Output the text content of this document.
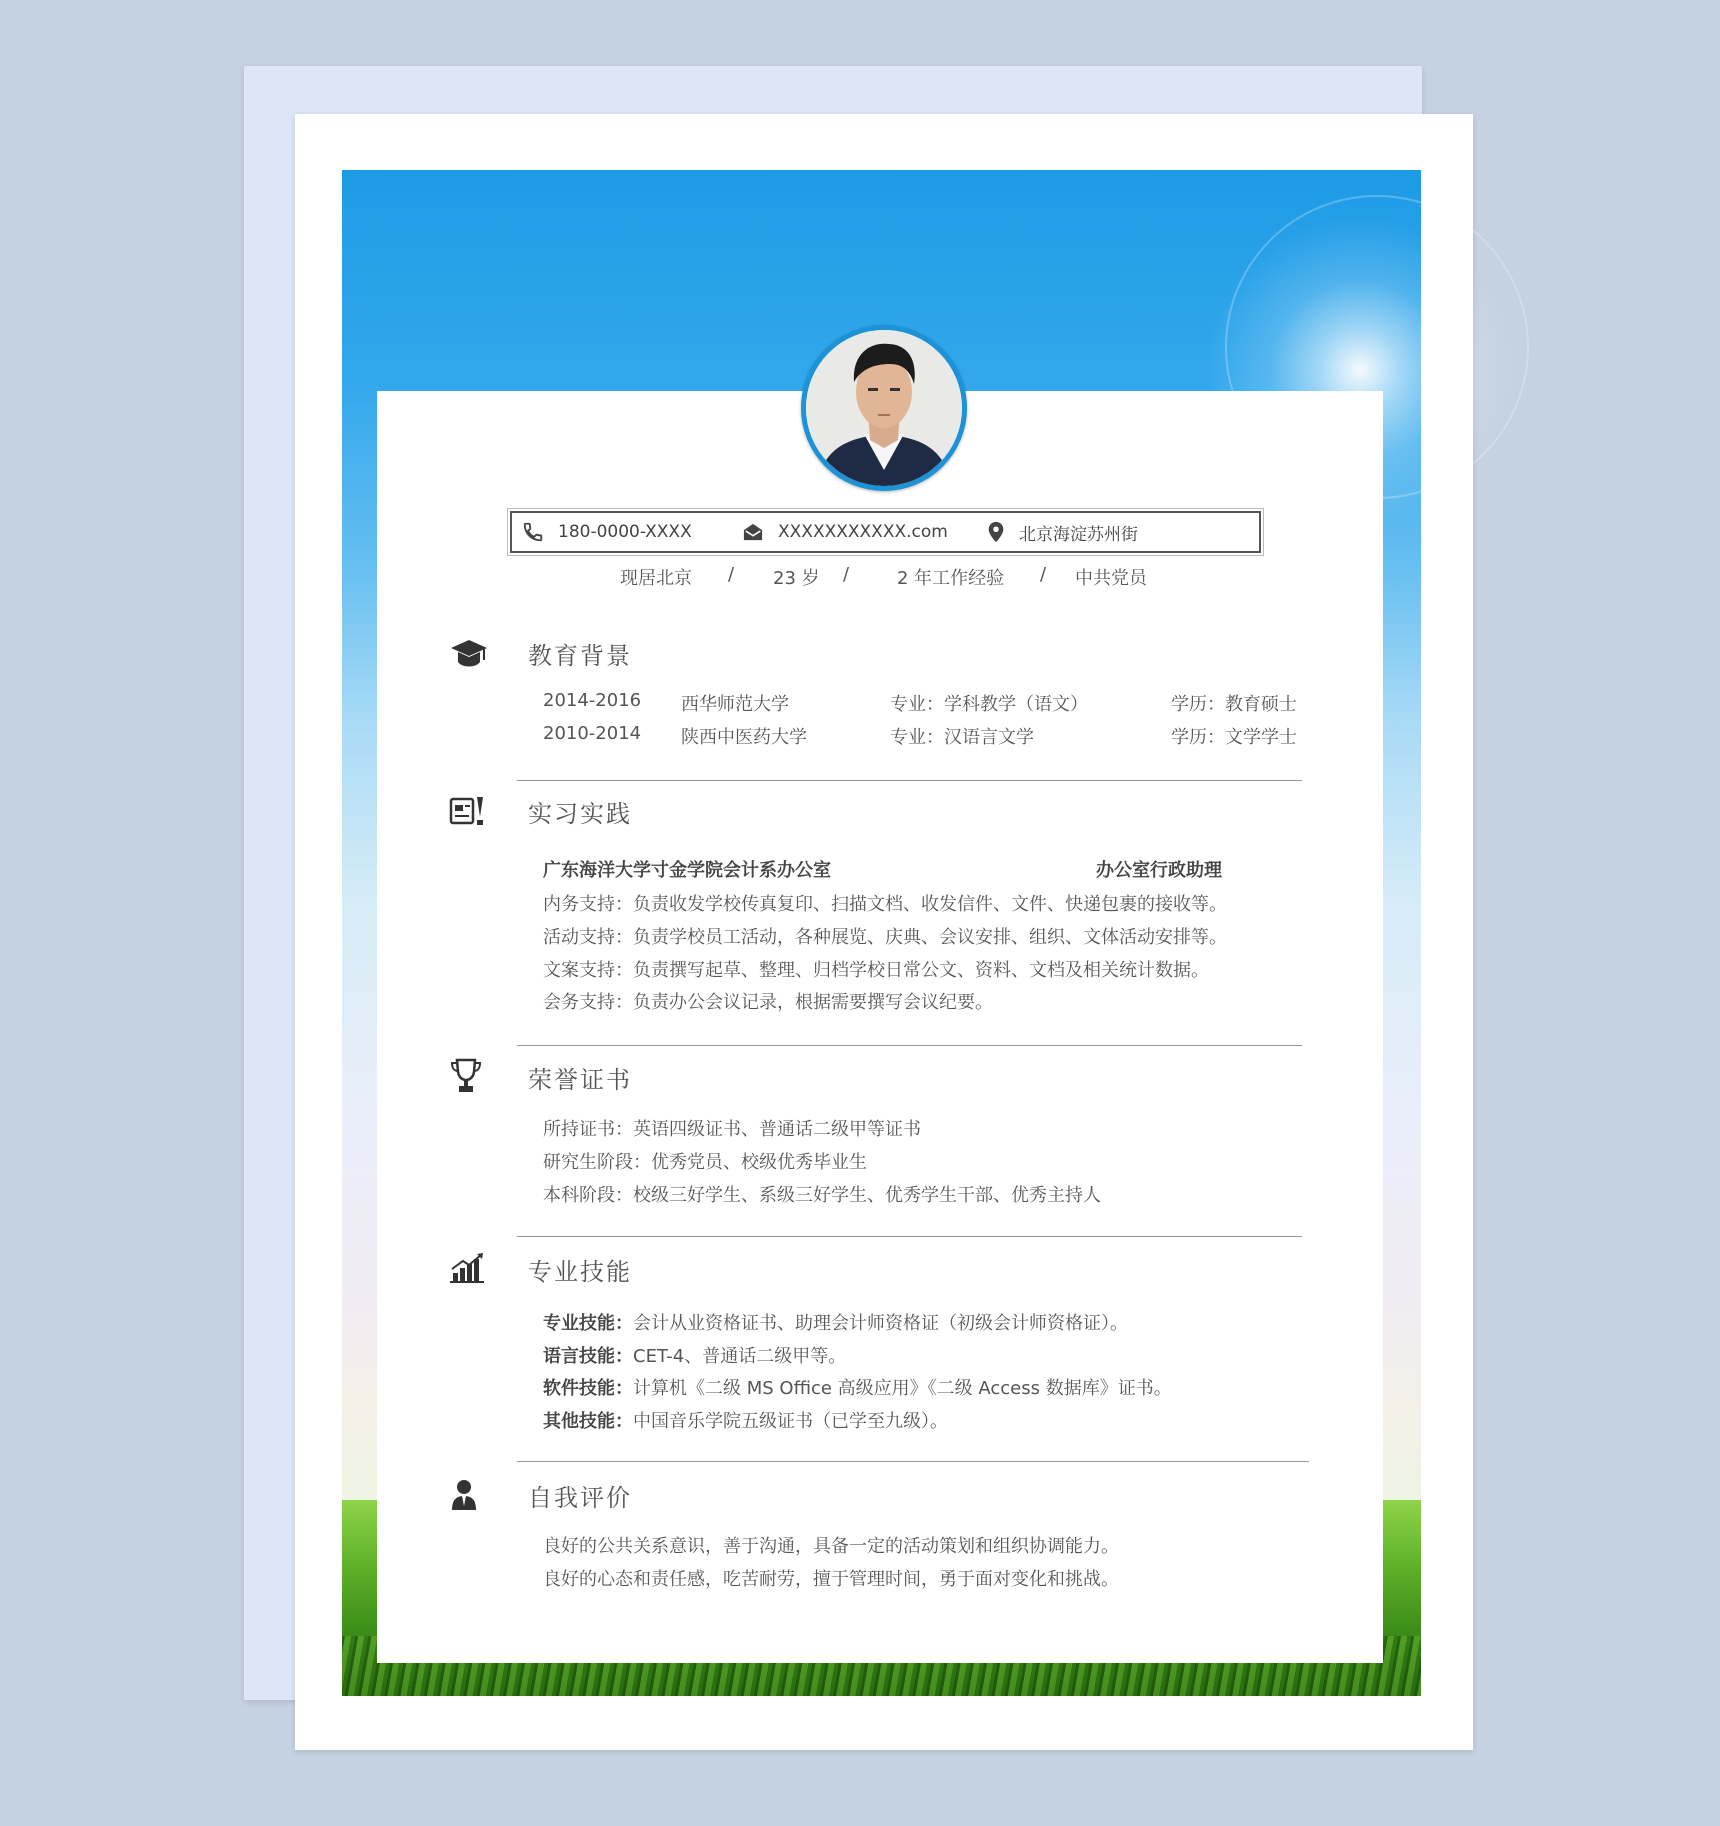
180-0000-XXXX	XXXXXXXXXXX.com	北京海淀苏州街
现居北京 / 23 岁 /	2 年工作经验 / 中共党员
教育背景
2014-2016 西华师范大学	专业：学科教学（语文）	学历：教育硕士
2010-2014 陕西中医药大学	专业：汉语言文学	学历：文学学士
实习实践
广东海洋大学寸金学院会计系办公室	办公室行政助理
内务支持：负责收发学校传真复印、扫描文档、收发信件、文件、快递包裹的接收等。
活动支持：负责学校员工活动，各种展览、庆典、会议安排、组织、文体活动安排等。
文案支持：负责撰写起草、整理、归档学校日常公文、资料、文档及相关统计数据。
会务支持：负责办公会议记录，根据需要撰写会议纪要。
荣誉证书
所持证书：英语四级证书、普通话二级甲等证书
研究生阶段：优秀党员、校级优秀毕业生
本科阶段：校级三好学生、系级三好学生、优秀学生干部、优秀主持人
专业技能
专业技能：会计从业资格证书、助理会计师资格证（初级会计师资格证）。
语言技能：CET-4、普通话二级甲等。
软件技能：计算机《二级 MS Office 高级应用》《二级 Access 数据库》证书。
其他技能：中国音乐学院五级证书（已学至九级）。
自我评价
良好的公共关系意识，善于沟通，具备一定的活动策划和组织协调能力。
良好的心态和责任感，吃苦耐劳，擅于管理时间，勇于面对变化和挑战。
